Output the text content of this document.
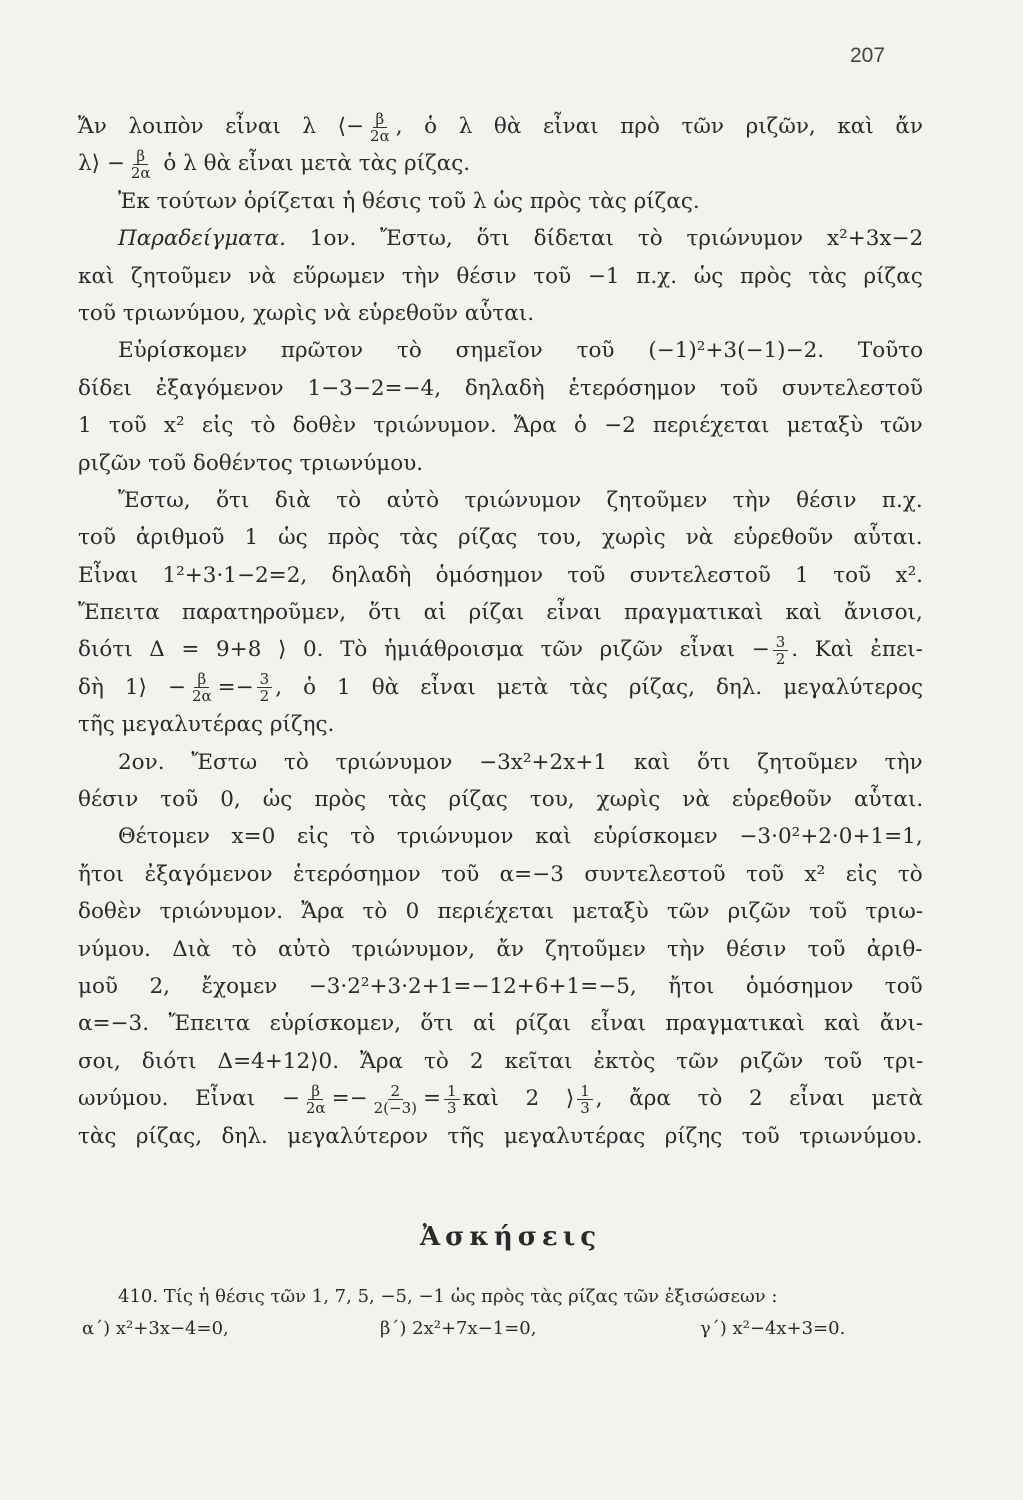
207
Ἄν λοιπὸν εἶναι λ ⟨− $\frac{\beta}{2\alpha}$ , ὁ λ θὰ εἶναι πρὸ τῶν ριζῶν, καὶ ἄν
λ⟩ − $\frac{\beta}{2\alpha}$ ὁ λ θὰ εἶναι μετὰ τὰς ρίζας.
Ἐκ τούτων ὁρίζεται ἡ θέσις τοῦ λ ὡς πρὸς τὰς ρίζας.
Παραδείγματα. 1ον. Ἔστω, ὅτι δίδεται τὸ τριώνυμον x²+3x−2
καὶ ζητοῦμεν νὰ εὕρωμεν τὴν θέσιν τοῦ −1 π.χ. ὡς πρὸς τὰς ρίζας
τοῦ τριωνύμου, χωρὶς νὰ εὑρεθοῦν αὗται.
Εὑρίσκομεν πρῶτον τὸ σημεῖον τοῦ (−1)²+3(−1)−2. Τοῦτο
δίδει ἐξαγόμενον 1−3−2=−4, δηλαδὴ ἑτερόσημον τοῦ συντελεστοῦ
1 τοῦ x² εἰς τὸ δοθὲν τριώνυμον. Ἄρα ὁ −2 περιέχεται μεταξὺ τῶν
ριζῶν τοῦ δοθέντος τριωνύμου.
Ἔστω, ὅτι διὰ τὸ αὐτὸ τριώνυμον ζητοῦμεν τὴν θέσιν π.χ.
τοῦ ἀριθμοῦ 1 ὡς πρὸς τὰς ρίζας του, χωρὶς νὰ εὑρεθοῦν αὗται.
Εἶναι 1²+3·1−2=2, δηλαδὴ ὁμόσημον τοῦ συντελεστοῦ 1 τοῦ x².
Ἔπειτα παρατηροῦμεν, ὅτι αἱ ρίζαι εἶναι πραγματικαὶ καὶ ἄνισοι,
διότι Δ = 9+8 ⟩ 0. Τὸ ἡμιάθροισμα τῶν ριζῶν εἶναι − $\frac{3}{2}$ . Καὶ ἐπει-
δὴ 1⟩ − $\frac{\beta}{2\alpha} =- \frac{3}{2}$ , ὁ 1 θὰ εἶναι μετὰ τὰς ρίζας, δηλ. μεγαλύτερος
τῆς μεγαλυτέρας ρίζης.
2ον. Ἔστω τὸ τριώνυμον −3x²+2x+1 καὶ ὅτι ζητοῦμεν τὴν
θέσιν τοῦ 0, ὡς πρὸς τὰς ρίζας του, χωρὶς νὰ εὑρεθοῦν αὗται.
Θέτομεν x=0 εἰς τὸ τριώνυμον καὶ εὑρίσκομεν −3·0²+2·0+1=1,
ἤτοι ἐξαγόμενον ἑτερόσημον τοῦ α=−3 συντελεστοῦ τοῦ x² εἰς τὸ
δοθὲν τριώνυμον. Ἄρα τὸ 0 περιέχεται μεταξὺ τῶν ριζῶν τοῦ τριω-
νύμου. Διὰ τὸ αὐτὸ τριώνυμον, ἄν ζητοῦμεν τὴν θέσιν τοῦ ἀριθ-
μοῦ 2, ἔχομεν −3·2²+3·2+1=−12+6+1=−5, ἤτοι ὁμόσημον τοῦ
α=−3. Ἔπειτα εὑρίσκομεν, ὅτι αἱ ρίζαι εἶναι πραγματικαὶ καὶ ἄνι-
σοι, διότι Δ=4+12⟩0. Ἄρα τὸ 2 κεῖται ἐκτὸς τῶν ριζῶν τοῦ τρι-
ωνύμου. Εἶναι − $\frac{\beta}{2\alpha} =- \frac{2}{2(-3)} = \frac{1}{3}$ καὶ 2 ⟩ $\frac{1}{3}$ , ἄρα τὸ 2 εἶναι μετὰ
τὰς ρίζας, δηλ. μεγαλύτερον τῆς μεγαλυτέρας ρίζης τοῦ τριωνύμου.
Ἀσκήσεις
410. Τίς ἡ θέσις τῶν 1, 7, 5, −5, −1 ὡς πρὸς τὰς ρίζας τῶν ἐξισώσεων :
α΄) x²+3x−4=0,	β΄) 2x²+7x−1=0,	γ΄) x²−4x+3=0.
